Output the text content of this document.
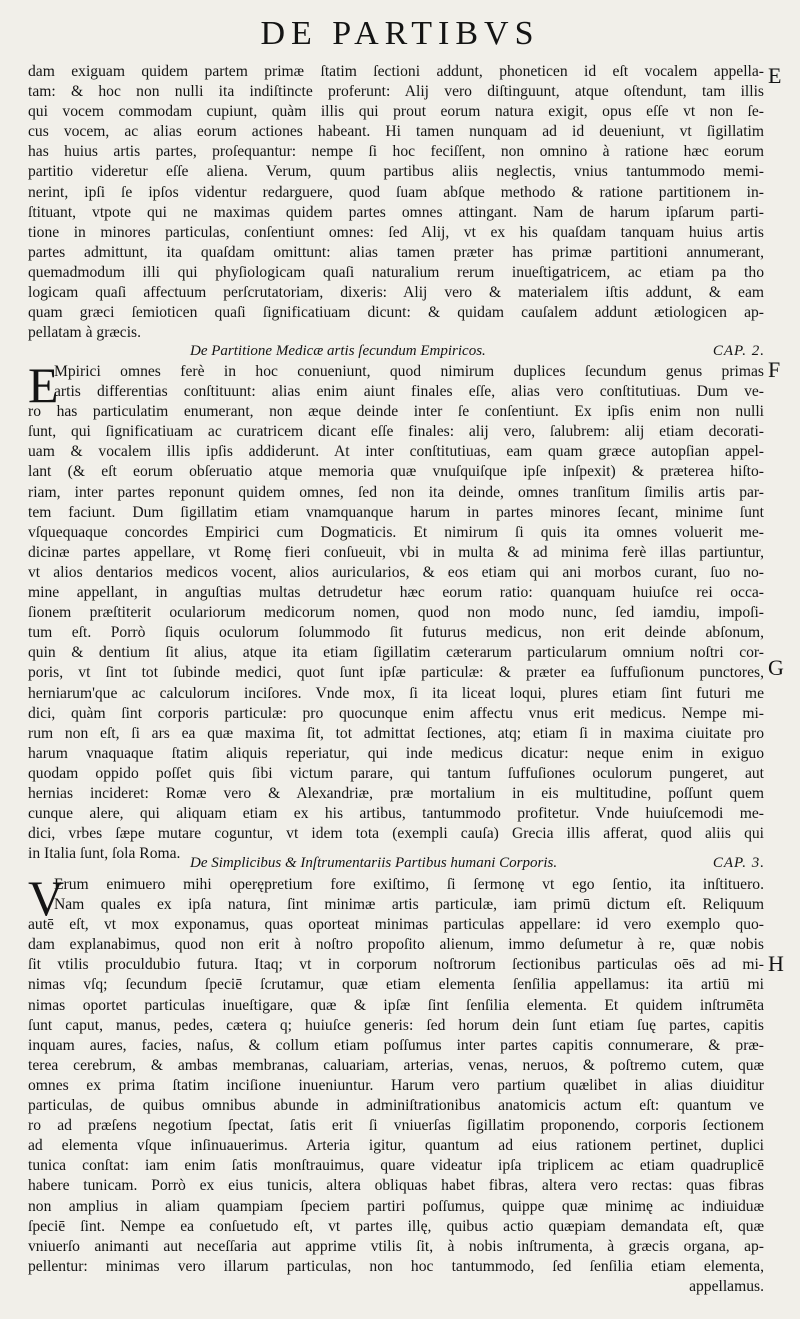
DE PARTIBVS
dam exiguam quidem partem primæ ſtatim ſectioni addunt, phoneticen id eſt vocalem appella-
tam: & hoc non nulli ita indiſtincte proferunt: Alij vero diſtinguunt, atque oſtendunt, tam illis
qui vocem commodam cupiunt, quàm illis qui prout eorum natura exigit, opus eſſe vt non ſe-
cus vocem, ac alias eorum actiones habeant. Hi tamen nunquam ad id deueniunt, vt ſigillatim
has huius artis partes, proſequantur: nempe ſi hoc feciſſent, non omnino à ratione hæc eorum
partitio videretur eſſe aliena. Verum, quum partibus aliis neglectis, vnius tantummodo memi-
nerint, ipſi ſe ipſos videntur redarguere, quod ſuam abſque methodo & ratione partitionem in-
ſtituant, vtpote qui ne maximas quidem partes omnes attingant. Nam de harum ipſarum parti-
tione in minores particulas, conſentiunt omnes: ſed Alij, vt ex his quaſdam tanquam huius artis
partes admittunt, ita quaſdam omittunt: alias tamen præter has primæ partitioni annumerant,
quemadmodum illi qui phyſiologicam quaſi naturalium rerum inueſtigatricem, ac etiam pa tho
logicam quaſi affectuum perſcrutatoriam, dixeris: Alij vero & materialem iſtis addunt, & eam
quam græci ſemioticen quaſi ſignificatiuam dicunt: & quidam cauſalem addunt ætiologicen ap-
pellatam à græcis.
De Partitione Medicæ artis ſecundum Empiricos.	CAP. 2.
E
Mpirici omnes ferè in hoc conueniunt, quod nimirum duplices ſecundum genus primas
artis differentias conſtituunt: alias enim aiunt finales eſſe, alias vero conſtitutiuas. Dum ve-
ro has particulatim enumerant, non æque deinde inter ſe conſentiunt. Ex ipſis enim non nulli
ſunt, qui ſignificatiuam ac curatricem dicant eſſe finales: alij vero, ſalubrem: alij etiam decorati-
uam & vocalem illis ipſis addiderunt. At inter conſtitutiuas, eam quam græce autopſian appel-
lant (& eſt eorum obſeruatio atque memoria quæ vnuſquiſque ipſe inſpexit) & præterea hiſto-
riam, inter partes reponunt quidem omnes, ſed non ita deinde, omnes tranſitum ſimilis artis par-
tem faciunt. Dum ſigillatim etiam vnamquanque harum in partes minores ſecant, minime ſunt
vſquequaque concordes Empirici cum Dogmaticis. Et nimirum ſi quis ita omnes voluerit me-
dicinæ partes appellare, vt Romę fieri conſueuit, vbi in multa & ad minima ferè illas partiuntur,
vt alios dentarios medicos vocent, alios auricularios, & eos etiam qui ani morbos curant, ſuo no-
mine appellant, in anguſtias multas detrudetur hæc eorum ratio: quanquam huiuſce rei occa-
ſionem præſtiterit oculariorum medicorum nomen, quod non modo nunc, ſed iamdiu, impoſi-
tum eſt. Porrò ſiquis oculorum ſolummodo ſit futurus medicus, non erit deinde abſonum,
quin & dentium ſit alius, atque ita etiam ſigillatim cæterarum particularum omnium noſtri cor-
poris, vt ſint tot ſubinde medici, quot ſunt ipſæ particulæ: & præter ea ſuffuſionum punctores,
herniarum'que ac calculorum inciſores. Vnde mox, ſi ita liceat loqui, plures etiam ſint futuri me
dici, quàm ſint corporis particulæ: pro quocunque enim affectu vnus erit medicus. Nempe mi-
rum non eſt, ſi ars ea quæ maxima ſit, tot admittat ſectiones, atq; etiam ſi in maxima ciuitate pro
harum vnaquaque ſtatim aliquis reperiatur, qui inde medicus dicatur: neque enim in exiguo
quodam oppido poſſet quis ſibi victum parare, qui tantum ſuffuſiones oculorum pungeret, aut
hernias incideret: Romæ vero & Alexandriæ, præ mortalium in eis multitudine, poſſunt quem
cunque alere, qui aliquam etiam ex his artibus, tantummodo profitetur. Vnde huiuſcemodi me-
dici, vrbes ſæpe mutare coguntur, vt idem tota (exempli cauſa) Grecia illis afferat, quod aliis qui
in Italia ſunt, ſola Roma.
De Simplicibus & Inſtrumentariis Partibus humani Corporis.	CAP. 3.
V
Erum enimuero mihi operępretium fore exiſtimo, ſi ſermonę vt ego ſentio, ita inſtituero.
Nam quales ex ipſa natura, ſint minimæ artis particulæ, iam primū dictum eſt. Reliquum
autē eſt, vt mox exponamus, quas oporteat minimas particulas appellare: id vero exemplo quo-
dam explanabimus, quod non erit à noſtro propoſito alienum, immo deſumetur à re, quæ nobis
ſit vtilis proculdubio futura. Itaq; vt in corporum noſtrorum ſectionibus particulas oēs ad mi-
nimas vſq; ſecundum ſpeciē ſcrutamur, quæ etiam elementa ſenſilia appellamus: ita artiū mi
nimas oportet particulas inueſtigare, quæ & ipſæ ſint ſenſilia elementa. Et quidem inſtrumēta
ſunt caput, manus, pedes, cætera q; huiuſce generis: ſed horum dein ſunt etiam ſuę partes, capitis
inquam aures, facies, naſus, & collum etiam poſſumus inter partes capitis connumerare, & præ-
terea cerebrum, & ambas membranas, caluariam, arterias, venas, neruos, & poſtremo cutem, quæ
omnes ex prima ſtatim inciſione inueniuntur. Harum vero partium quælibet in alias diuiditur
particulas, de quibus omnibus abunde in adminiſtrationibus anatomicis actum eſt: quantum ve
ro ad præſens negotium ſpectat, ſatis erit ſi vniuerſas ſigillatim proponendo, corporis ſectionem
ad elementa vſque inſinuauerimus. Arteria igitur, quantum ad eius rationem pertinet, duplici
tunica conſtat: iam enim ſatis monſtrauimus, quare videatur ipſa triplicem ac etiam quadruplicē
habere tunicam. Porrò ex eius tunicis, altera obliquas habet fibras, altera vero rectas: quas fibras
non amplius in aliam quampiam ſpeciem partiri poſſumus, quippe quæ minimę ac indiuiduæ
ſpeciē ſint. Nempe ea conſuetudo eſt, vt partes illę, quibus actio quæpiam demandata eſt, quæ
vniuerſo animanti aut neceſſaria aut apprime vtilis ſit, à nobis inſtrumenta, à græcis organa, ap-
pellentur: minimas vero illarum particulas, non hoc tantummodo, ſed ſenſilia etiam elementa,
appellamus.
E
F
G
H
